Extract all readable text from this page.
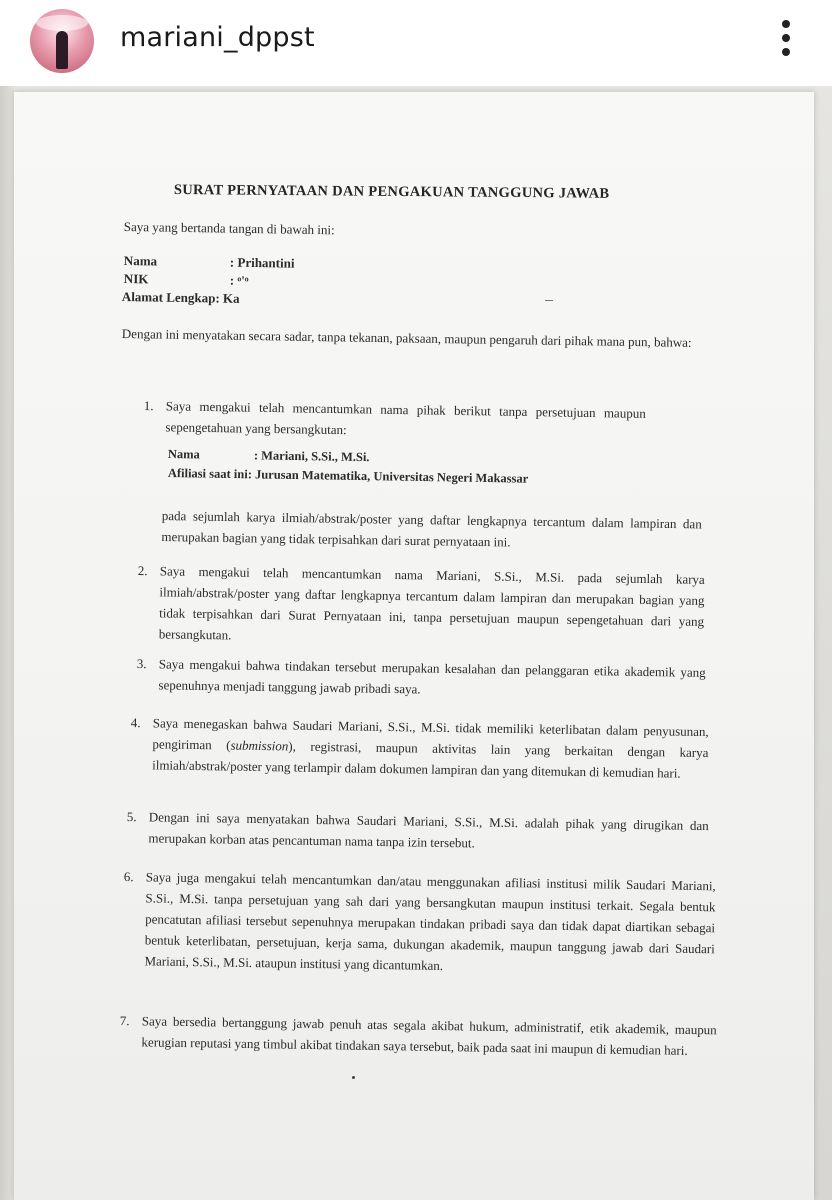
mariani_dppst
SURAT PERNYATAAN DAN PENGAKUAN TANGGUNG JAWAB
Saya yang bertanda tangan di bawah ini:
Nama	: Prihantini
NIK	: ᵒ'ᵒ
Alamat Lengkap: Ka
Dengan ini menyatakan secara sadar, tanpa tekanan, paksaan, maupun pengaruh dari pihak mana pun, bahwa:
1. Saya mengakui telah mencantumkan nama pihak berikut tanpa persetujuan maupun sepengetahuan yang bersangkutan:
Nama	: Mariani, S.Si., M.Si.
Afiliasi saat ini: Jurusan Matematika, Universitas Negeri Makassar
pada sejumlah karya ilmiah/abstrak/poster yang daftar lengkapnya tercantum dalam lampiran dan merupakan bagian yang tidak terpisahkan dari surat pernyataan ini.
2. Saya mengakui telah mencantumkan nama Mariani, S.Si., M.Si. pada sejumlah karya ilmiah/abstrak/poster yang daftar lengkapnya tercantum dalam lampiran dan merupakan bagian yang tidak terpisahkan dari Surat Pernyataan ini, tanpa persetujuan maupun sepengetahuan dari yang bersangkutan.
3. Saya mengakui bahwa tindakan tersebut merupakan kesalahan dan pelanggaran etika akademik yang sepenuhnya menjadi tanggung jawab pribadi saya.
4. Saya menegaskan bahwa Saudari Mariani, S.Si., M.Si. tidak memiliki keterlibatan dalam penyusunan, pengiriman (submission), registrasi, maupun aktivitas lain yang berkaitan dengan karya ilmiah/abstrak/poster yang terlampir dalam dokumen lampiran dan yang ditemukan di kemudian hari.
5. Dengan ini saya menyatakan bahwa Saudari Mariani, S.Si., M.Si. adalah pihak yang dirugikan dan merupakan korban atas pencantuman nama tanpa izin tersebut.
6. Saya juga mengakui telah mencantumkan dan/atau menggunakan afiliasi institusi milik Saudari Mariani, S.Si., M.Si. tanpa persetujuan yang sah dari yang bersangkutan maupun institusi terkait. Segala bentuk pencatutan afiliasi tersebut sepenuhnya merupakan tindakan pribadi saya dan tidak dapat diartikan sebagai bentuk keterlibatan, persetujuan, kerja sama, dukungan akademik, maupun tanggung jawab dari Saudari Mariani, S.Si., M.Si. ataupun institusi yang dicantumkan.
7. Saya bersedia bertanggung jawab penuh atas segala akibat hukum, administratif, etik akademik, maupun kerugian reputasi yang timbul akibat tindakan saya tersebut, baik pada saat ini maupun di kemudian hari.
